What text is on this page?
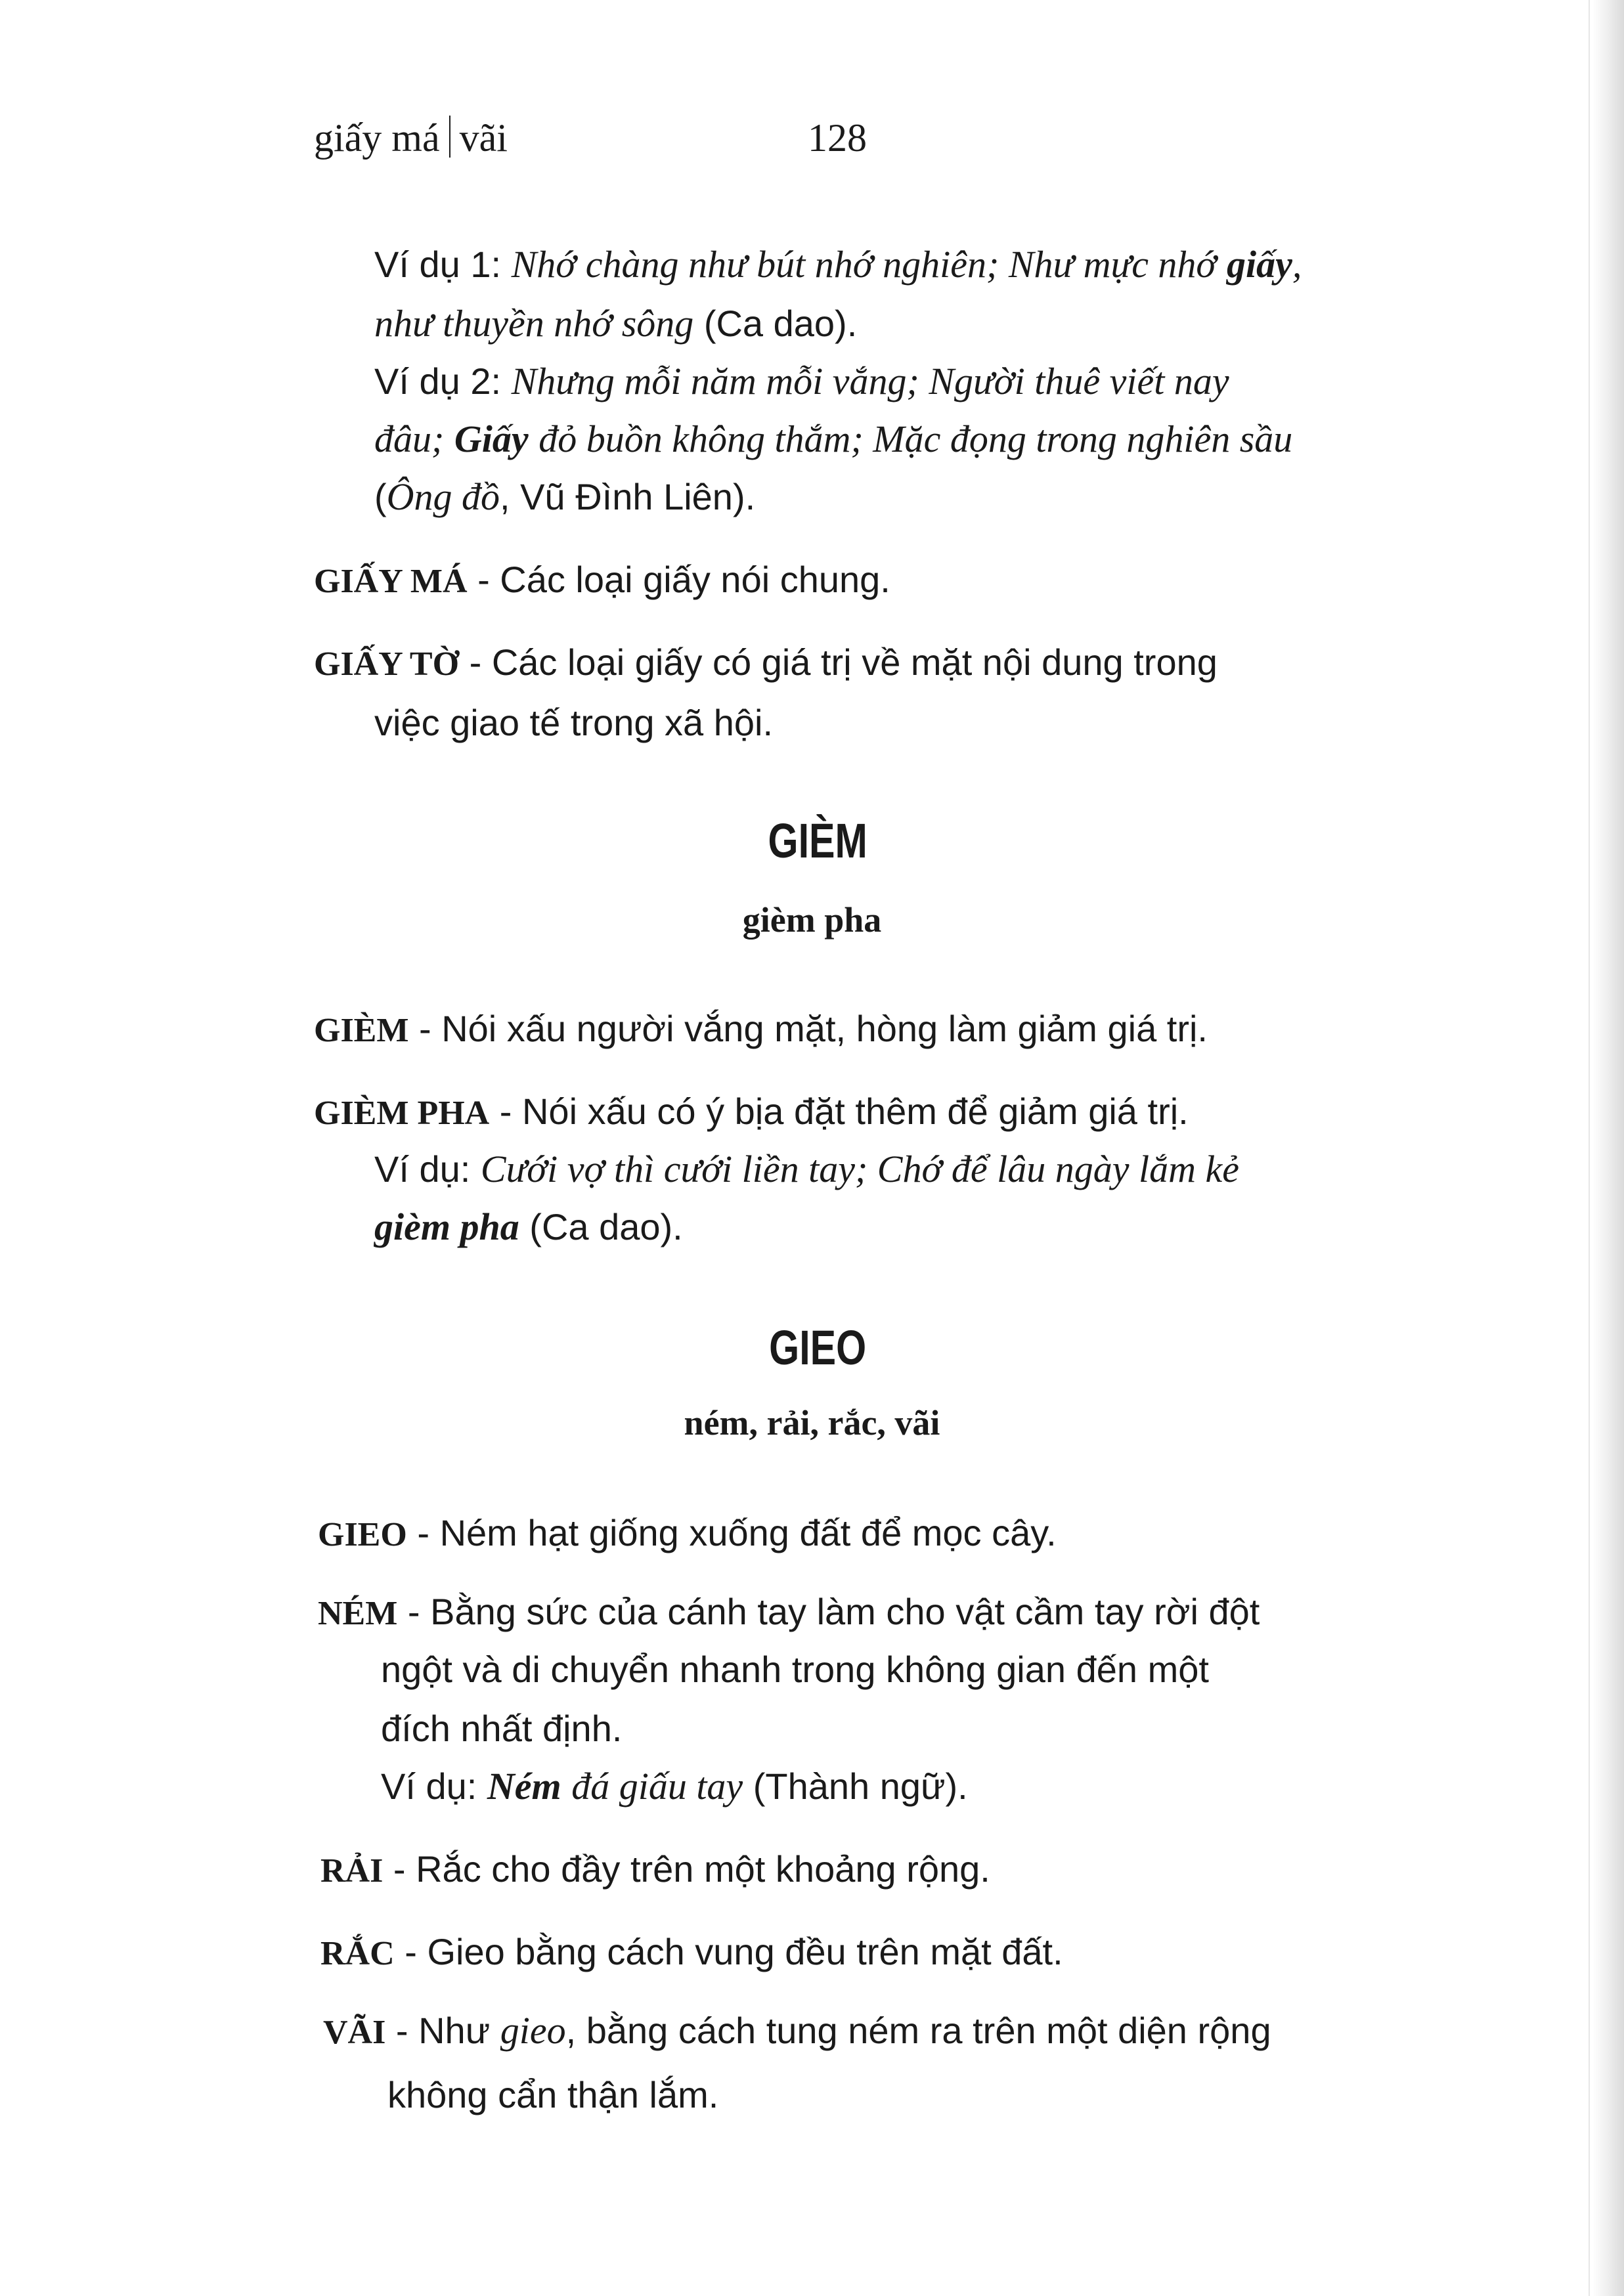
giấy má vãi	128
Ví dụ 1: Nhớ chàng như bút nhớ nghiên; Như mực nhớ giấy,
như thuyền nhớ sông (Ca dao).
Ví dụ 2: Nhưng mỗi năm mỗi vắng; Người thuê viết nay
đâu; Giấy đỏ buồn không thắm; Mặc đọng trong nghiên sầu
(Ông đồ, Vũ Đình Liên).
GIẤY MÁ - Các loại giấy nói chung.
GIẤY TỜ - Các loại giấy có giá trị về mặt nội dung trong
việc giao tế trong xã hội.
GIÈM
gièm pha
GIÈM - Nói xấu người vắng mặt, hòng làm giảm giá trị.
GIÈM PHA - Nói xấu có ý bịa đặt thêm để giảm giá trị.
Ví dụ: Cưới vợ thì cưới liền tay; Chớ để lâu ngày lắm kẻ
gièm pha (Ca dao).
GIEO
ném, rải, rắc, vãi
GIEO - Ném hạt giống xuống đất để mọc cây.
NÉM - Bằng sức của cánh tay làm cho vật cầm tay rời đột
ngột và di chuyển nhanh trong không gian đến một
đích nhất định.
Ví dụ: Ném đá giấu tay (Thành ngữ).
RẢI - Rắc cho đầy trên một khoảng rộng.
RẮC - Gieo bằng cách vung đều trên mặt đất.
VÃI - Như gieo, bằng cách tung ném ra trên một diện rộng
không cẩn thận lắm.
